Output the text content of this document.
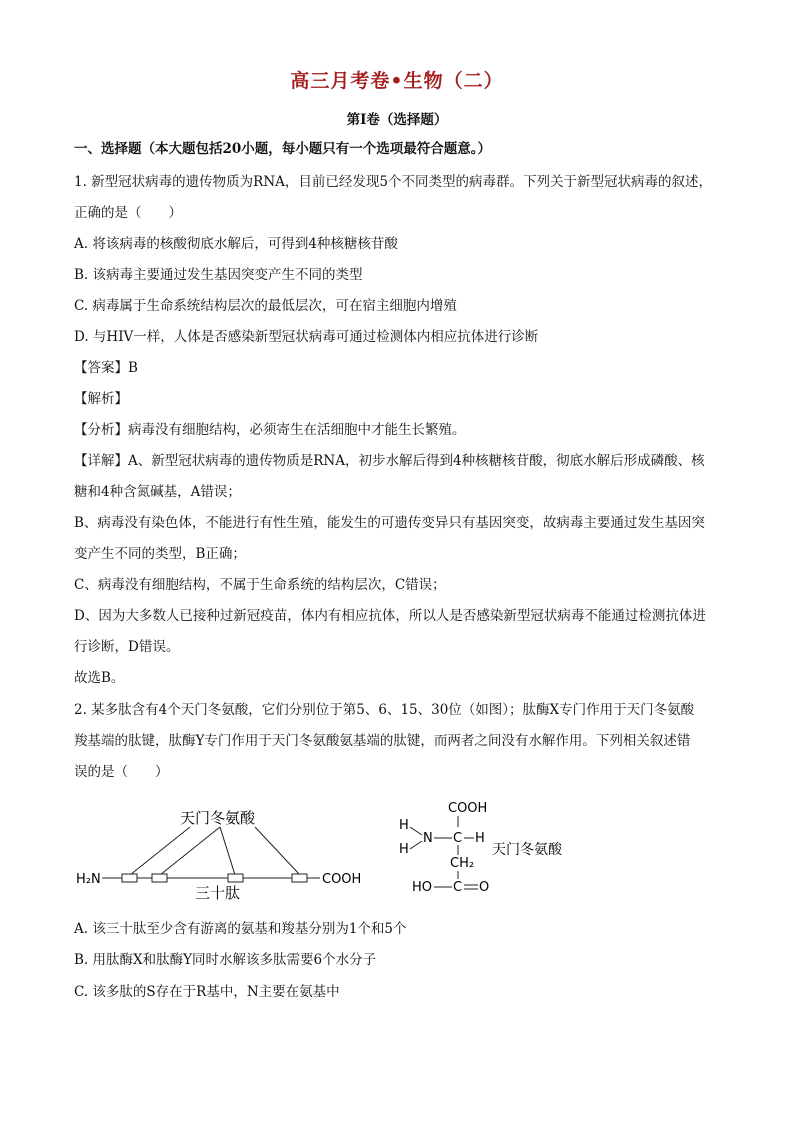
高三月考卷•生物（二）
第I卷（选择题）
一、选择题（本大题包括20小题，每小题只有一个选项最符合题意。）
1. 新型冠状病毒的遗传物质为RNA，目前已经发现5个不同类型的病毒群。下列关于新型冠状病毒的叙述，
正确的是（　　）
A. 将该病毒的核酸彻底水解后，可得到4种核糖核苷酸
B. 该病毒主要通过发生基因突变产生不同的类型
C. 病毒属于生命系统结构层次的最低层次，可在宿主细胞内增殖
D. 与HIV一样，人体是否感染新型冠状病毒可通过检测体内相应抗体进行诊断
【答案】B
【解析】
【分析】病毒没有细胞结构，必须寄生在活细胞中才能生长繁殖。
【详解】A、新型冠状病毒的遗传物质是RNA，初步水解后得到4种核糖核苷酸，彻底水解后形成磷酸、核
糖和4种含氮碱基，A错误；
B、病毒没有染色体，不能进行有性生殖，能发生的可遗传变异只有基因突变，故病毒主要通过发生基因突
变产生不同的类型，B正确；
C、病毒没有细胞结构，不属于生命系统的结构层次，C错误；
D、因为大多数人已接种过新冠疫苗，体内有相应抗体，所以人是否感染新型冠状病毒不能通过检测抗体进
行诊断，D错误。
故选B。
2. 某多肽含有4个天门冬氨酸，它们分别位于第5、6、15、30位（如图）；肽酶X专门作用于天门冬氨酸
羧基端的肽键，肽酶Y专门作用于天门冬氨酸氨基端的肽键，而两者之间没有水解作用。下列相关叙述错
误的是（　　）
天门冬氨酸
H₂N	COOH
三十肽
COOH
H
H
N C H
CH₂
HO C O
天门冬氨酸
A. 该三十肽至少含有游离的氨基和羧基分别为1个和5个
B. 用肽酶X和肽酶Y同时水解该多肽需要6个水分子
C. 该多肽的S存在于R基中，N主要在氨基中
